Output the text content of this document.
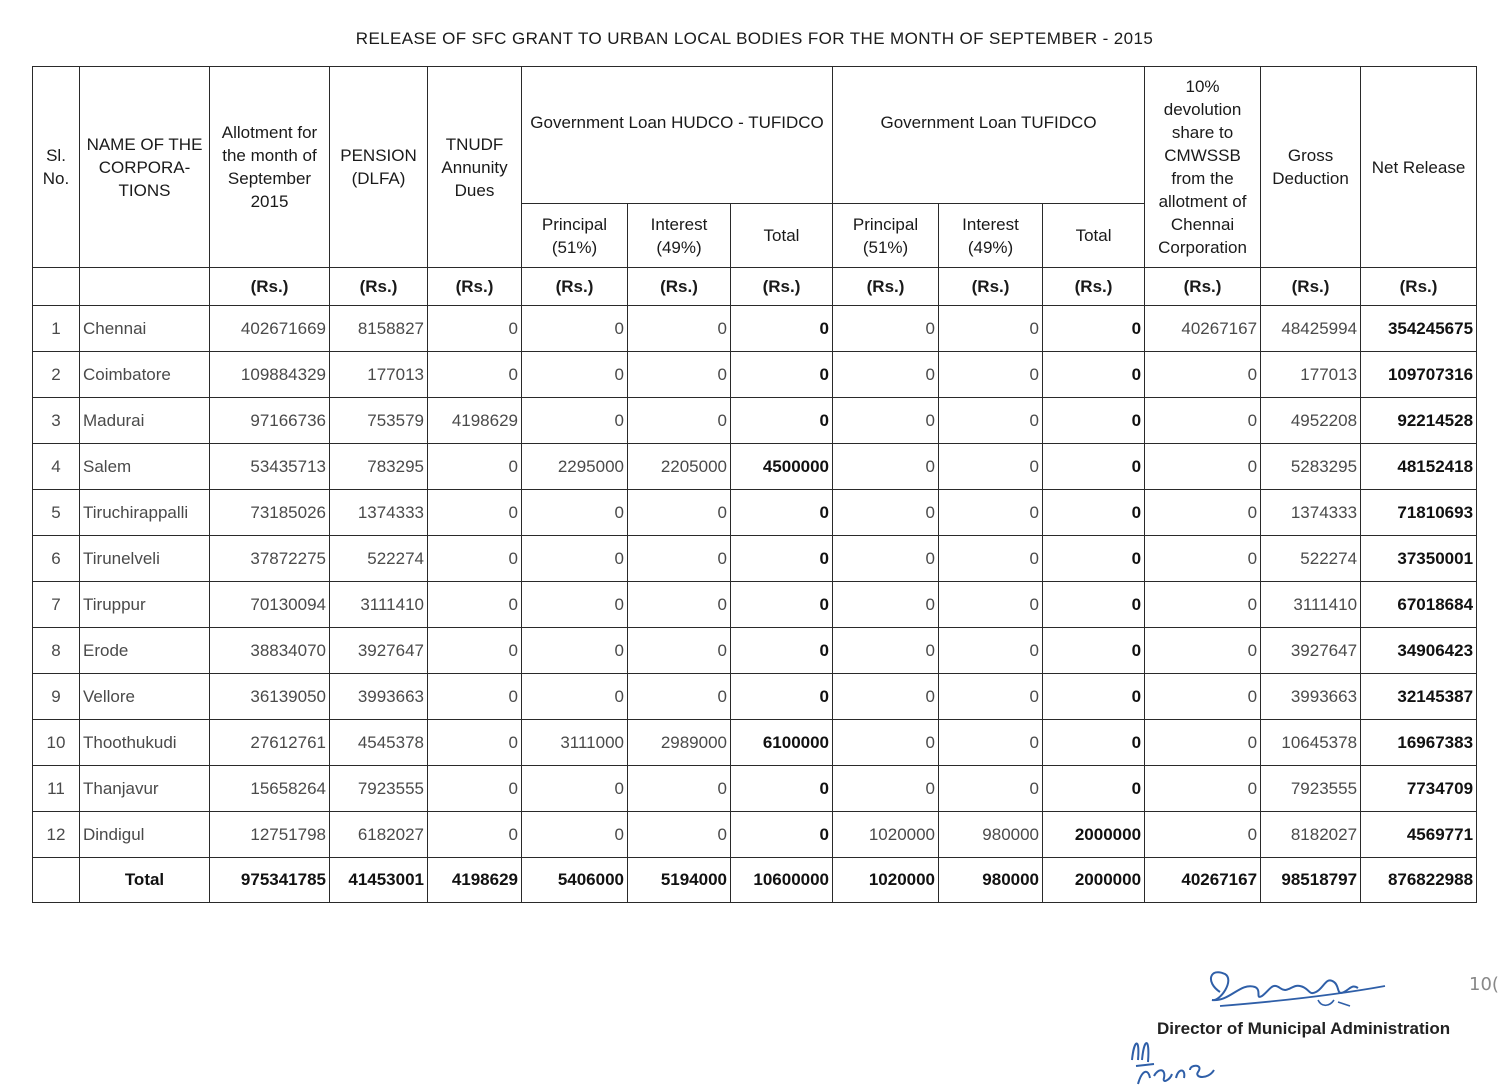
RELEASE OF SFC GRANT TO URBAN LOCAL BODIES FOR THE MONTH OF SEPTEMBER - 2015
Sl. No.	NAME OF THE CORPORA-TIONS	Allotment for the month of September 2015	PENSION (DLFA)	TNUDF Annunity Dues	Government Loan HUDCO - TUFIDCO			Government Loan TUFIDCO			10% devolution share to CMWSSB from the allotment of Chennai Corporation	Gross Deduction	Net Release
					Principal (51%)	Interest (49%)	Total	Principal (51%)	Interest (49%)	Total			
		(Rs.)	(Rs.)	(Rs.)	(Rs.)	(Rs.)	(Rs.)	(Rs.)	(Rs.)	(Rs.)	(Rs.)	(Rs.)	(Rs.)
1	Chennai	402671669	8158827	0	0	0	0	0	0	0	40267167	48425994	354245675
2	Coimbatore	109884329	177013	0	0	0	0	0	0	0	0	177013	109707316
3	Madurai	97166736	753579	4198629	0	0	0	0	0	0	0	4952208	92214528
4	Salem	53435713	783295	0	2295000	2205000	4500000	0	0	0	0	5283295	48152418
5	Tiruchirappalli	73185026	1374333	0	0	0	0	0	0	0	0	1374333	71810693
6	Tirunelveli	37872275	522274	0	0	0	0	0	0	0	0	522274	37350001
7	Tiruppur	70130094	3111410	0	0	0	0	0	0	0	0	3111410	67018684
8	Erode	38834070	3927647	0	0	0	0	0	0	0	0	3927647	34906423
9	Vellore	36139050	3993663	0	0	0	0	0	0	0	0	3993663	32145387
10	Thoothukudi	27612761	4545378	0	3111000	2989000	6100000	0	0	0	0	10645378	16967383
11	Thanjavur	15658264	7923555	0	0	0	0	0	0	0	0	7923555	7734709
12	Dindigul	12751798	6182027	0	0	0	0	1020000	980000	2000000	0	8182027	4569771
	Total	975341785	41453001	4198629	5406000	5194000	10600000	1020000	980000	2000000	40267167	98518797	876822988
Director of Municipal Administration
10(
